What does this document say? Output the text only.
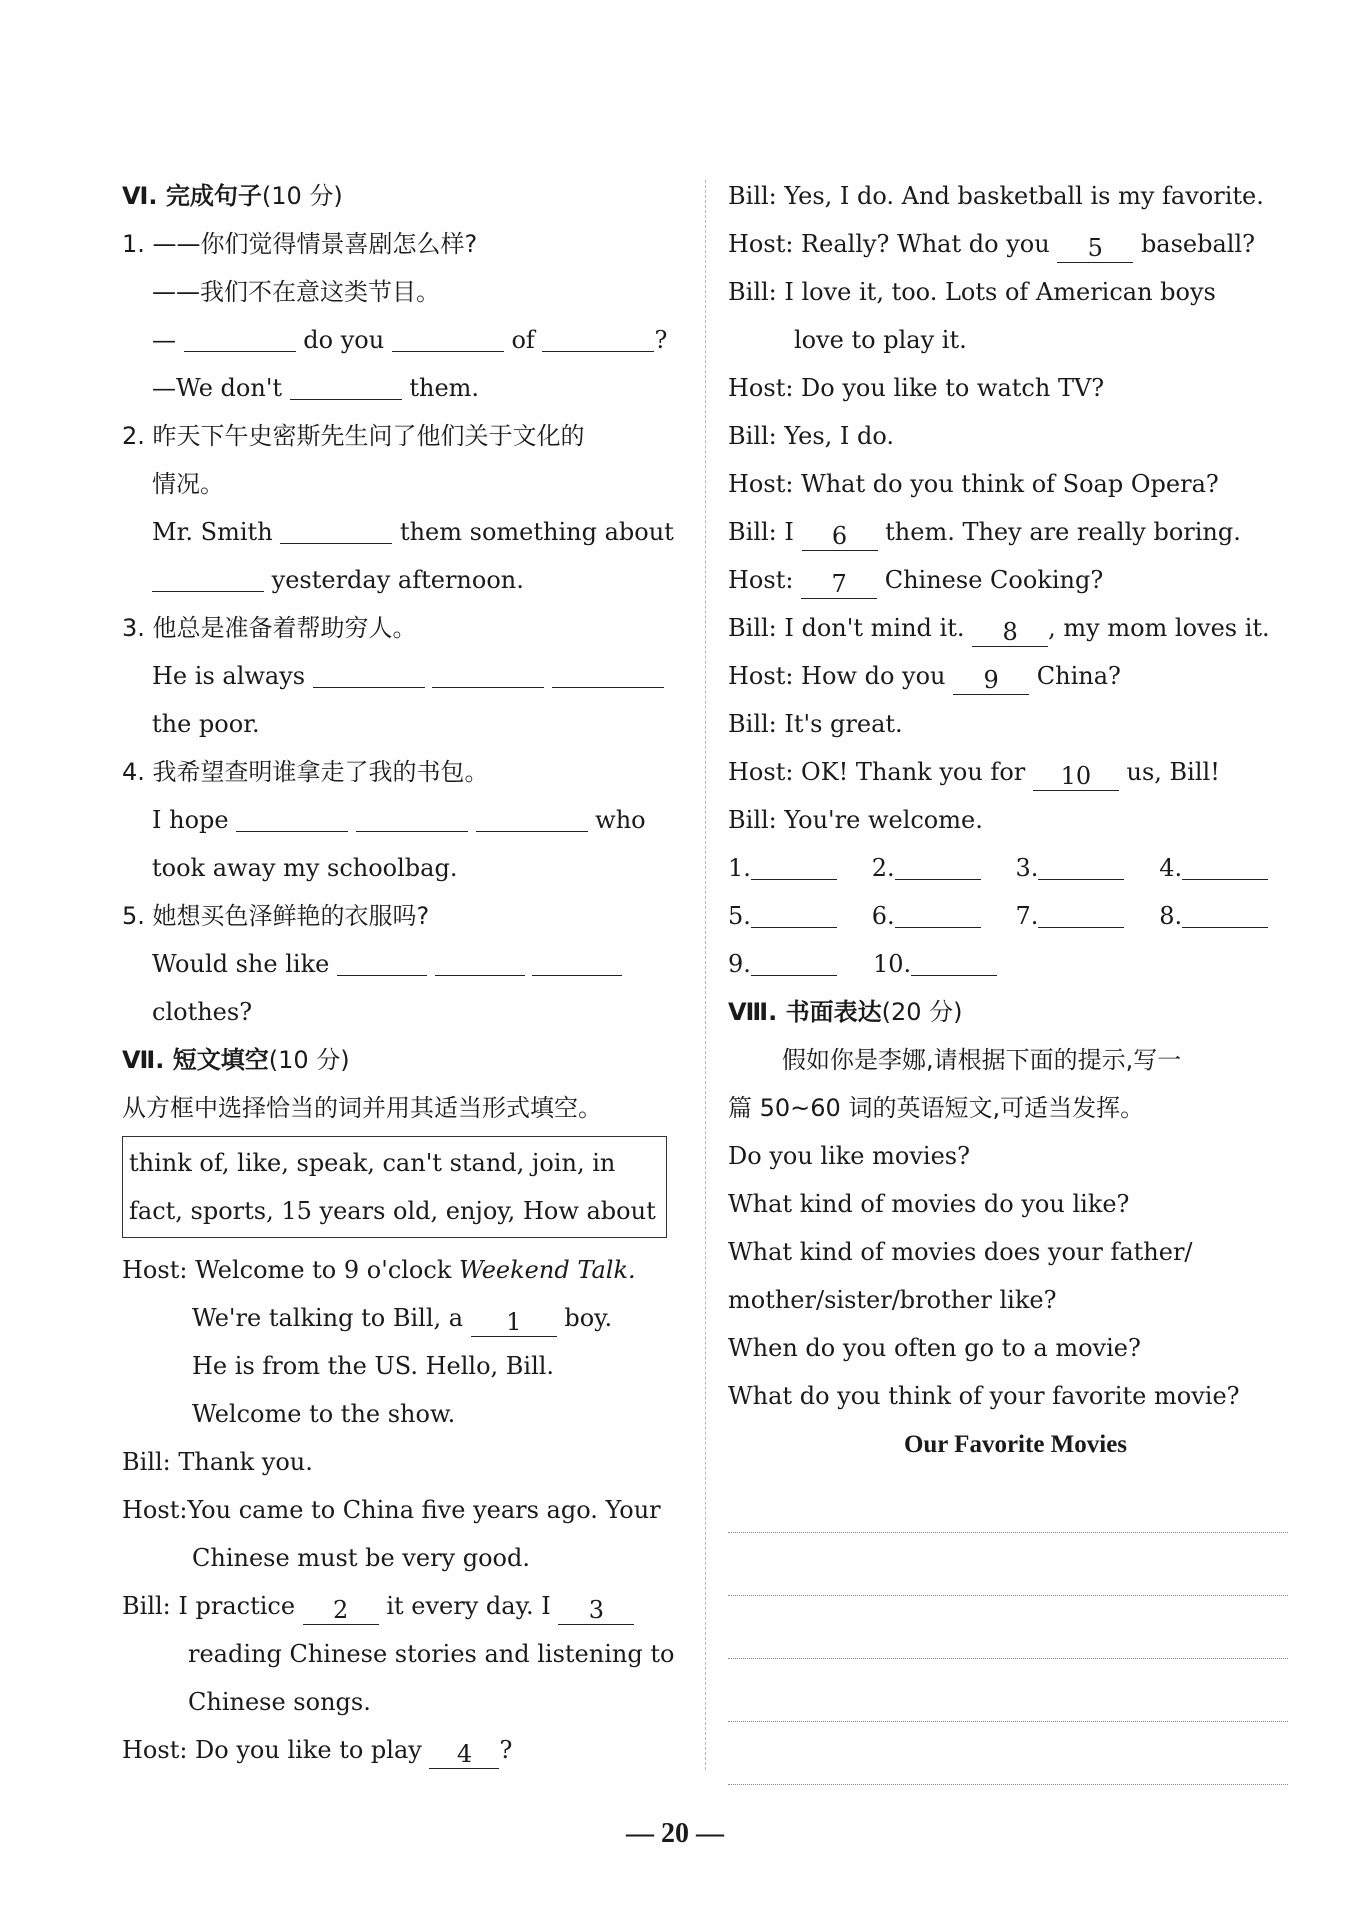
Ⅵ. 完成句子(10 分)
1. ——你们觉得情景喜剧怎么样?
——我们不在意这类节目。
—	do you	of	?
—We don't	them.
2. 昨天下午史密斯先生问了他们关于文化的
情况。
Mr. Smith	them something about
yesterday afternoon.
3. 他总是准备着帮助穷人。
He is always
the poor.
4. 我希望查明谁拿走了我的书包。
I hope	who
took away my schoolbag.
5. 她想买色泽鲜艳的衣服吗?
Would she like
clothes?
Ⅶ. 短文填空(10 分)
从方框中选择恰当的词并用其适当形式填空。
think of, like, speak, can't stand, join, in
fact, sports, 15 years old, enjoy, How about
Host: Welcome to 9 o'clock Weekend Talk.
We're talking to Bill, a 1 boy.
He is from the US. Hello, Bill.
Welcome to the show.
Bill: Thank you.
Host:You came to China five years ago. Your
Chinese must be very good.
Bill: I practice 2 it every day. I 3
reading Chinese stories and listening to
Chinese songs.
Host: Do you like to play 4 ?
Bill: Yes, I do. And basketball is my favorite.
Host: Really? What do you 5 baseball?
Bill: I love it, too. Lots of American boys
love to play it.
Host: Do you like to watch TV?
Bill: Yes, I do.
Host: What do you think of Soap Opera?
Bill: I 6 them. They are really boring.
Host: 7 Chinese Cooking?
Bill: I don't mind it. 8 , my mom loves it.
Host: How do you 9 China?
Bill: It's great.
Host: OK! Thank you for 10 us, Bill!
Bill: You're welcome.
1.	2.	3.	4.
5.	6.	7.	8.
9.	10.
Ⅷ. 书面表达(20 分)
假如你是李娜,请根据下面的提示,写一
篇 50~60 词的英语短文,可适当发挥。
Do you like movies?
What kind of movies do you like?
What kind of movies does your father/
mother/sister/brother like?
When do you often go to a movie?
What do you think of your favorite movie?
Our Favorite Movies
— 20 —
